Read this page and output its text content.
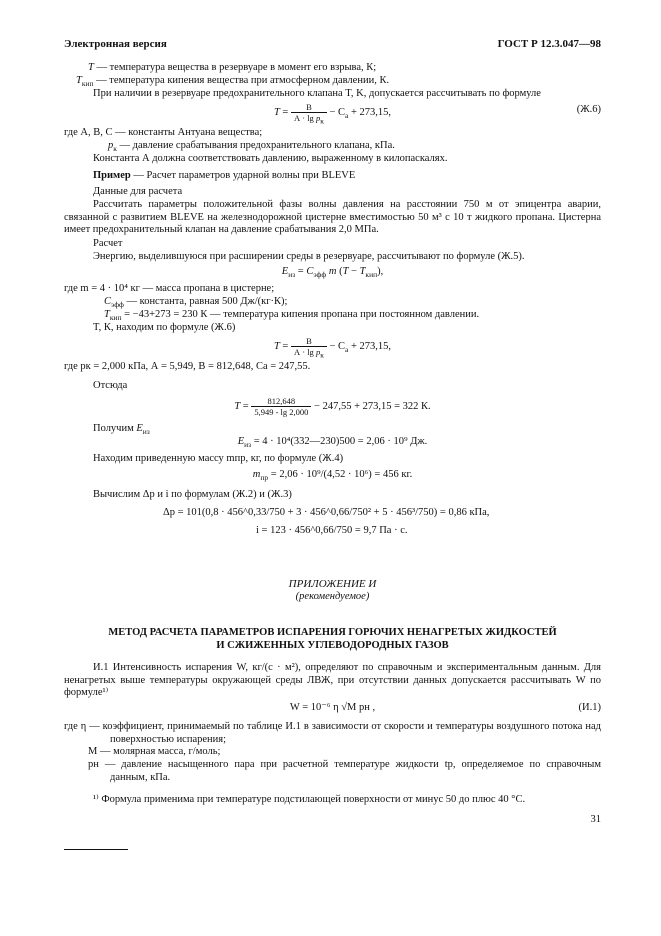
Электронная версия	ГОСТ Р 12.3.047—98
T — температура вещества в резервуаре в момент его взрыва, К;
$T_{кип}$ — температура кипения вещества при атмосферном давлении, К.
При наличии в резервуаре предохранительного клапана T, K, допускается рассчитывать по формуле
$T = \frac{В}{А \cdot \lg p_к} - С_а + 273,15$,	(Ж.6)
где А, В, С — константы Антуана вещества;
$p_к$ — давление срабатывания предохранительного клапана, кПа.
Константа А должна соответствовать давлению, выраженному в килопаскалях.
Пример — Расчет параметров ударной волны при BLEVE
Данные для расчета
Рассчитать параметры положительной фазы волны давления на расстоянии 750 м от эпицентра аварии, связанной с развитием BLEVE на железнодорожной цистерне вместимостью 50 м³ с 10 т жидкого пропана. Цистерна имеет предохранительный клапан на давление срабатывания 2,0 МПа.
Расчет
Энергию, выделившуюся при расширении среды в резервуаре, рассчитывают по формуле (Ж.5).
$E_{из} = C_{эфф}$ m $(T - T_{кип})$,
где m = 4 · 10⁴ кг — масса пропана в цистерне;
$C_{эфф}$ — константа, равная 500 Дж/(кг·К);
$T_{кип} = -43+273 = 230$ К — температура кипения пропана при постоянном давлении.
T, К, находим по формуле (Ж.6)
$T = \frac{В}{А \cdot \lg p_к} - С_а + 273,15$,
где pк = 2,000 кПа, А = 5,949, В = 812,648, Са = 247,55.
Отсюда
$T = \frac{812,648}{5,949 - \lg 2,000} - 247,55 + 273,15 = 322$ К.
Получим $E_{из}$
$E_{из} = 4$ · 10⁴(332—230)500 = 2,06 · 10⁹ Дж.
Находим приведенную массу mпр, кг, по формуле (Ж.4)
$m_{пр} = 2,06 \cdot 10^9/(4,52 \cdot 10^6) = 456$ кг.
Вычислим Δp и i по формулам (Ж.2) и (Ж.3)
Δp = 101(0,8 · 456^0,33/750 + 3 · 456^0,66/750² + 5 · 456³/750) = 0,86 кПа,
i = 123 · 456^0,66/750 = 9,7 Па · с.
ПРИЛОЖЕНИЕ И
(рекомендуемое)
МЕТОД РАСЧЕТА ПАРАМЕТРОВ ИСПАРЕНИЯ ГОРЮЧИХ НЕНАГРЕТЫХ ЖИДКОСТЕЙ
И СЖИЖЕННЫХ УГЛЕВОДОРОДНЫХ ГАЗОВ
И.1 Интенсивность испарения W, кг/(с · м²), определяют по справочным и экспериментальным данным. Для ненагретых выше температуры окружающей среды ЛВЖ, при отсутствии данных допускается рассчитывать W по формуле¹⁾
W = 10⁻⁶ η √M pн ,	(И.1)
где η — коэффициент, принимаемый по таблице И.1 в зависимости от скорости и температуры воздушного потока над поверхностью испарения;
M — молярная масса, г/моль;
pн — давление насыщенного пара при расчетной температуре жидкости tр, определяемое по справочным данным, кПа.
¹⁾ Формула применима при температуре подстилающей поверхности от минус 50 до плюс 40 °С.
31
